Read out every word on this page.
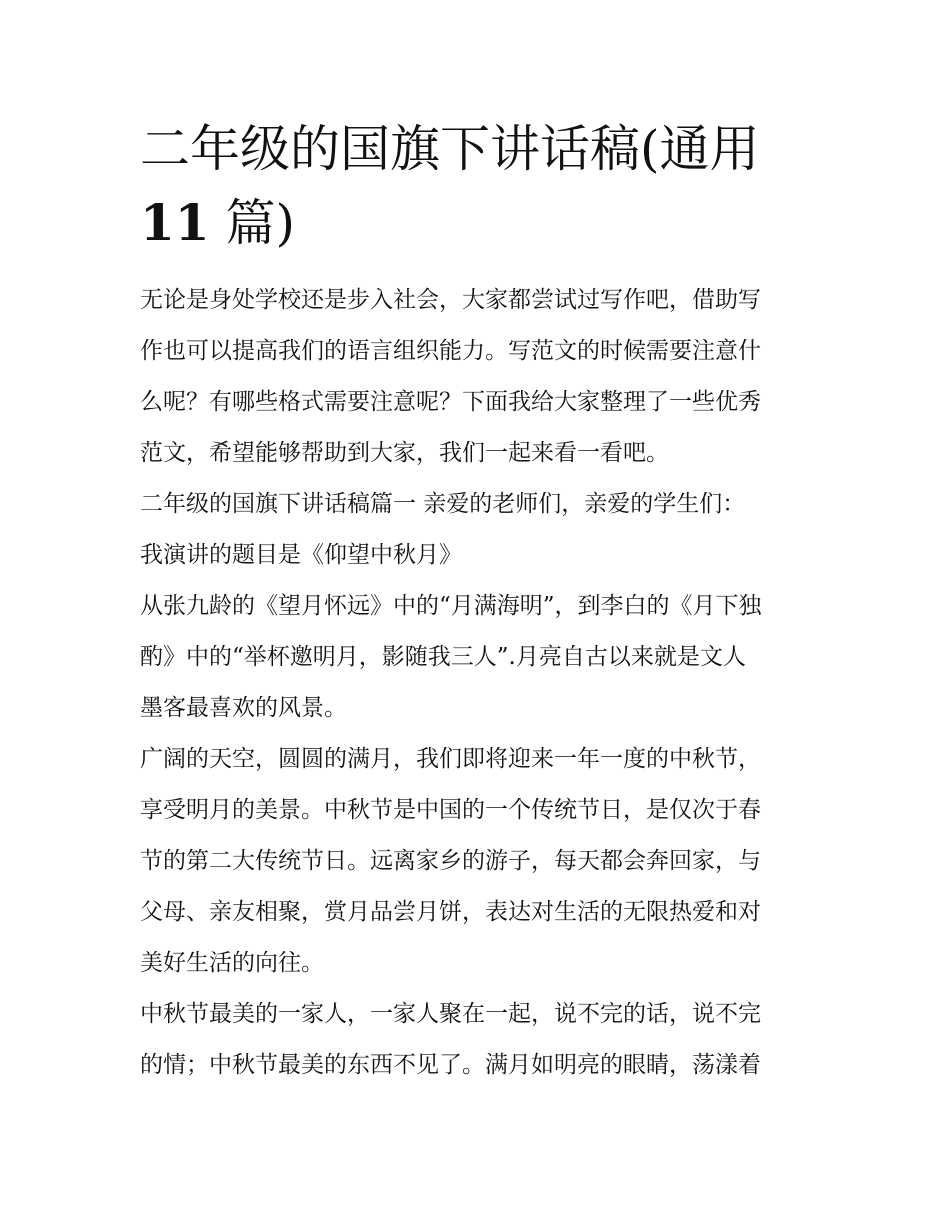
二年级的国旗下讲话稿(通用
11 篇)

无论是身处学校还是步入社会，大家都尝试过写作吧，借助写
作也可以提高我们的语言组织能力。写范文的时候需要注意什
么呢？有哪些格式需要注意呢？下面我给大家整理了一些优秀
范文，希望能够帮助到大家，我们一起来看一看吧。

二年级的国旗下讲话稿篇一 亲爱的老师们，亲爱的学生们：

我演讲的题目是《仰望中秋月》

从张九龄的《望月怀远》中的“月满海明”，到李白的《月下独
酌》中的“举杯邀明月，影随我三人”.月亮自古以来就是文人
墨客最喜欢的风景。

广阔的天空，圆圆的满月，我们即将迎来一年一度的中秋节，
享受明月的美景。中秋节是中国的一个传统节日，是仅次于春
节的第二大传统节日。远离家乡的游子，每天都会奔回家，与
父母、亲友相聚，赏月品尝月饼，表达对生活的无限热爱和对
美好生活的向往。

中秋节最美的一家人，一家人聚在一起，说不完的话，说不完
的情；中秋节最美的东西不见了。满月如明亮的眼睛，荡漾着
